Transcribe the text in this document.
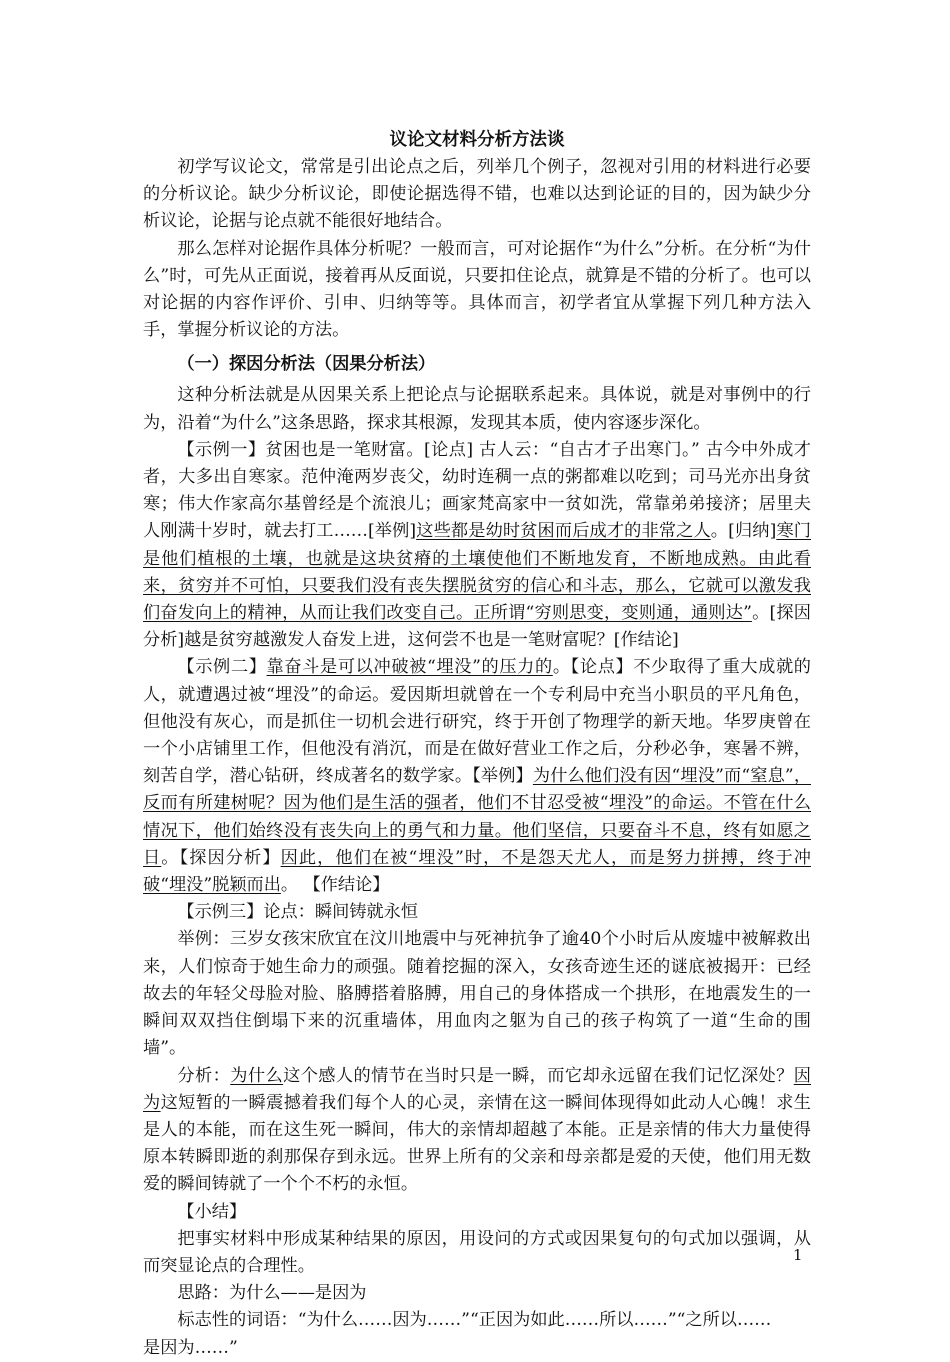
议论文材料分析方法谈

初学写议论文，常常是引出论点之后，列举几个例子，忽视对引用的材料进行必要的分析议论。缺少分析议论，即使论据选得不错，也难以达到论证的目的，因为缺少分析议论，论据与论点就不能很好地结合。

那么怎样对论据作具体分析呢？一般而言，可对论据作“为什么”分析。在分析“为什么”时，可先从正面说，接着再从反面说，只要扣住论点，就算是不错的分析了。也可以对论据的内容作评价、引申、归纳等等。具体而言，初学者宜从掌握下列几种方法入手，掌握分析议论的方法。

（一）探因分析法（因果分析法）

这种分析法就是从因果关系上把论点与论据联系起来。具体说，就是对事例中的行为，沿着“为什么”这条思路，探求其根源，发现其本质，使内容逐步深化。

【示例一】贫困也是一笔财富。[论点] 古人云：“自古才子出寒门。” 古今中外成才者，大多出自寒家。范仲淹两岁丧父，幼时连稠一点的粥都难以吃到；司马光亦出身贫寒；伟大作家高尔基曾经是个流浪儿；画家梵高家中一贫如洗，常靠弟弟接济；居里夫人刚满十岁时，就去打工……[举例]这些都是幼时贫困而后成才的非常之人。[归纳]寒门是他们植根的土壤，也就是这块贫瘠的土壤使他们不断地发育，不断地成熟。由此看来，贫穷并不可怕，只要我们没有丧失摆脱贫穷的信心和斗志，那么，它就可以激发我们奋发向上的精神，从而让我们改变自己。正所谓“穷则思变，变则通，通则达”。[探因分析]越是贫穷越激发人奋发上进，这何尝不也是一笔财富呢？[作结论]

【示例二】靠奋斗是可以冲破被“埋没”的压力的。【论点】不少取得了重大成就的人，就遭遇过被“埋没”的命运。爱因斯坦就曾在一个专利局中充当小职员的平凡角色，但他没有灰心，而是抓住一切机会进行研究，终于开创了物理学的新天地。华罗庚曾在一个小店铺里工作，但他没有消沉，而是在做好营业工作之后，分秒必争，寒暑不辨，刻苦自学，潜心钻研，终成著名的数学家。【举例】为什么他们没有因“埋没”而“窒息”，反而有所建树呢？因为他们是生活的强者，他们不甘忍受被“埋没”的命运。不管在什么情况下，他们始终没有丧失向上的勇气和力量。他们坚信，只要奋斗不息，终有如愿之日。【探因分析】因此，他们在被“埋没”时，不是怨天尤人，而是努力拼搏，终于冲破“埋没”脱颖而出。 【作结论】

【示例三】论点：瞬间铸就永恒

举例：三岁女孩宋欣宜在汶川地震中与死神抗争了逾40个小时后从废墟中被解救出来，人们惊奇于她生命力的顽强。随着挖掘的深入，女孩奇迹生还的谜底被揭开：已经故去的年轻父母脸对脸、胳膊搭着胳膊，用自己的身体搭成一个拱形，在地震发生的一瞬间双双挡住倒塌下来的沉重墙体，用血肉之躯为自己的孩子构筑了一道“生命的围墙”。

分析：为什么这个感人的情节在当时只是一瞬，而它却永远留在我们记忆深处？因为这短暂的一瞬震撼着我们每个人的心灵，亲情在这一瞬间体现得如此动人心魄！求生是人的本能，而在这生死一瞬间，伟大的亲情却超越了本能。正是亲情的伟大力量使得原本转瞬即逝的刹那保存到永远。世界上所有的父亲和母亲都是爱的天使，他们用无数爱的瞬间铸就了一个个不朽的永恒。

【小结】

把事实材料中形成某种结果的原因，用设问的方式或因果复句的句式加以强调，从而突显论点的合理性。

思路：为什么——是因为

标志性的词语：“为什么……因为……”“正因为如此……所以……”“之所以……

是因为……”

1
